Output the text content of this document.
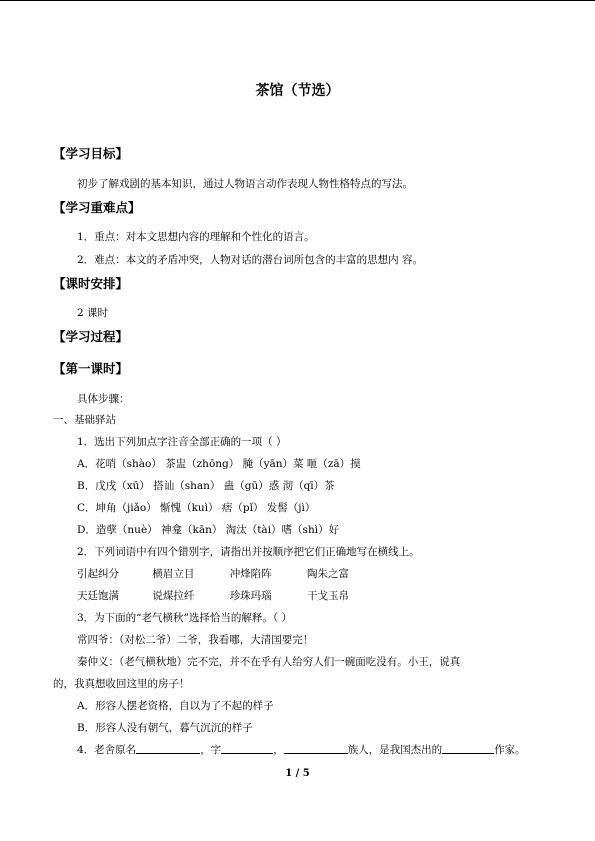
茶馆（节选）
【学习目标】
初步了解戏剧的基本知识，通过人物语言动作表现人物性格特点的写法。
【学习重难点】
1．重点：对本文思想内容的理解和个性化的语言。
2．难点：本文的矛盾冲突，人物对话的潜台词所包含的丰富的思想内 容。
【课时安排】
2 课时
【学习过程】
【第一课时】
具体步骤：
一、基础驿站
1．选出下列加点字注音全部正确的一项（ ）
A．花哨（shào） 茶盅（zhōng） 腌（yān）菜 咂（zā）摸
B．戊戌（xū） 搭讪（shan） 蛊（gū）惑 沏（qī）茶
C．坤角（jiǎo） 惭愧（kuì） 痞（pǐ） 发髻（jì）
D．造孽（nuè） 神龛（kān） 淘汰（tài）嗜（shì）好
2．下列词语中有四个错别字，请指出并按顺序把它们正确地写在横线上。
引起纠分	横眉立目	冲烽陷阵	陶朱之富
天廷饱满	说煤拉纤	珍珠玛瑙	干戈玉帛
3．为下面的“老气横秋”选择恰当的解释。（ ）
常四爷：（对松二爷）二爷，我看哪，大清国要完！
秦仲义：（老气横秋地）完不完，并不在乎有人给穷人们一碗面吃没有。小王，说真
的，我真想收回这里的房子！
A．形容人摆老资格，自以为了不起的样子
B．形容人没有朝气，暮气沉沉的样子
4．老舍原名	，字	，	族人，是我国杰出的	作家。
1 / 5
